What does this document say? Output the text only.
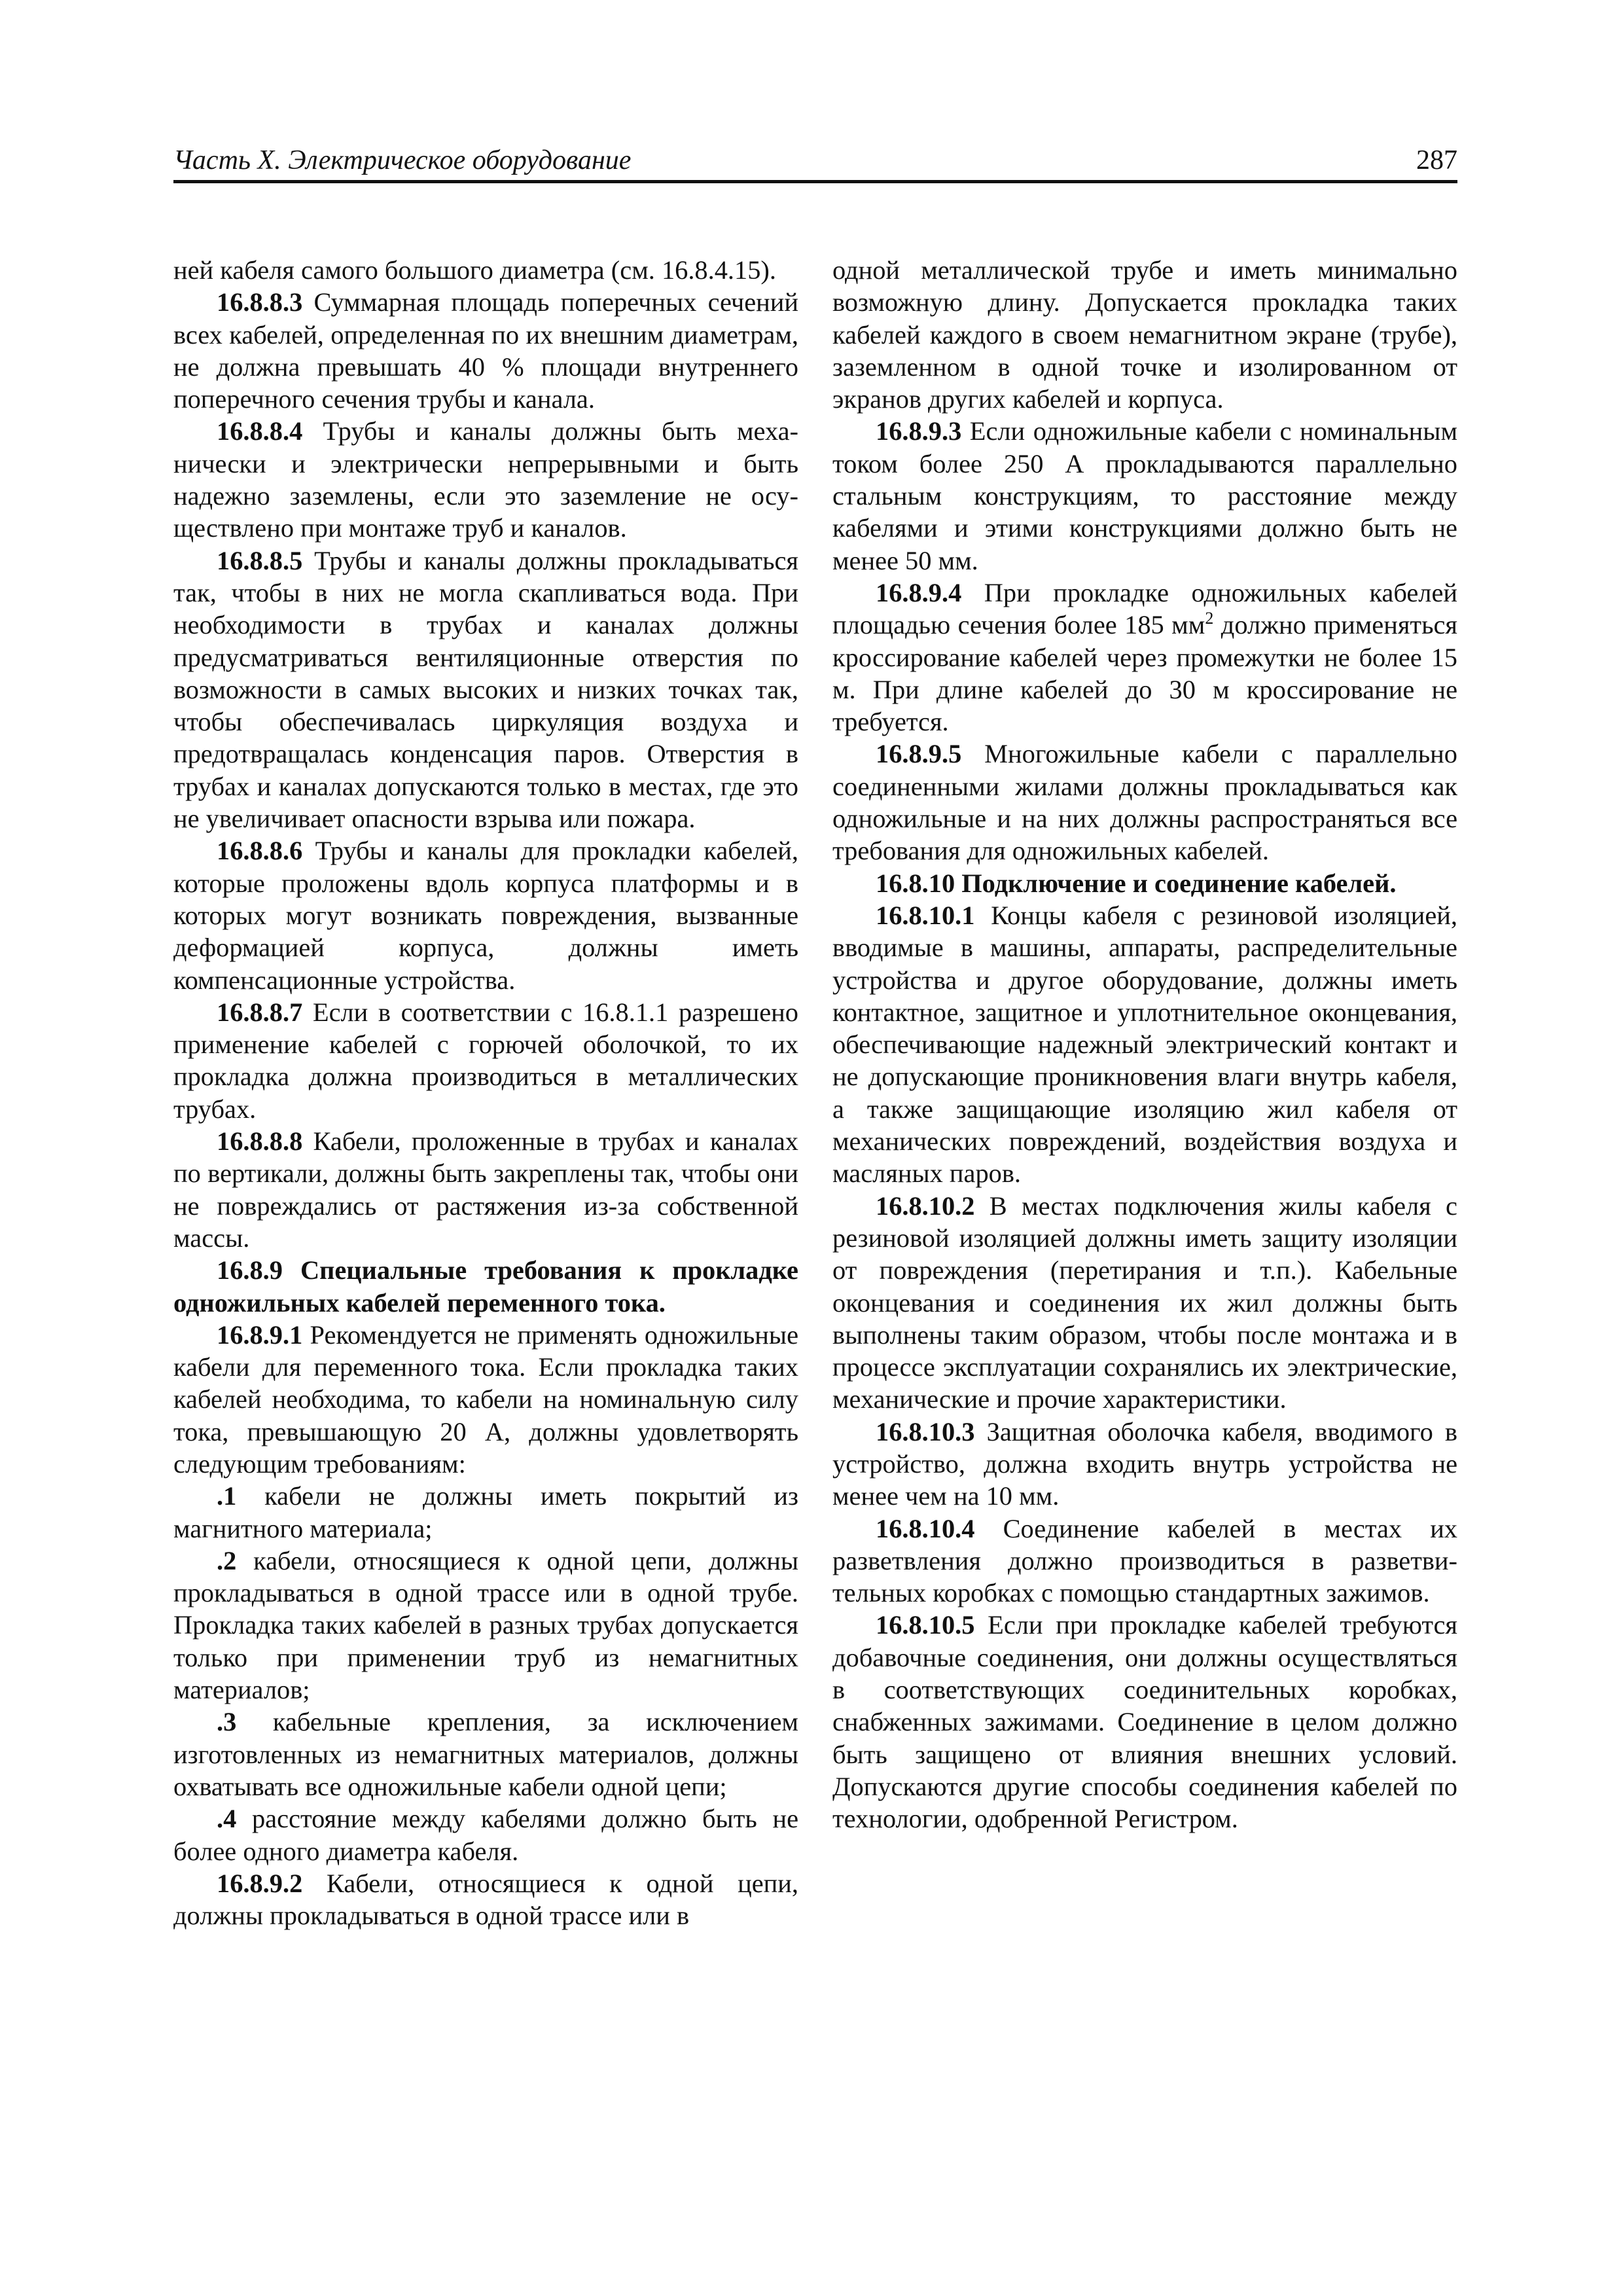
Часть X. Электрическое оборудование	287

ней кабеля самого большого диаметра (см. 16.8.4.15).

16.8.8.3 Суммарная площадь поперечных сечений всех кабелей, определенная по их внешним диаметрам, не должна превышать 40 % площади внутреннего поперечного сечения трубы и канала.

16.8.8.4 Трубы и каналы должны быть механически и электрически непрерывными и быть надежно заземлены, если это заземление не осуществлено при монтаже труб и каналов.

16.8.8.5 Трубы и каналы должны прокладываться так, чтобы в них не могла скапливаться вода. При необходимости в трубах и каналах должны предусматриваться вентиляционные отверстия по возможности в самых высоких и низких точках так, чтобы обеспечивалась циркуляция воздуха и предотвращалась конденсация паров. Отверстия в трубах и каналах допускаются только в местах, где это не увеличивает опасности взрыва или пожара.

16.8.8.6 Трубы и каналы для прокладки кабелей, которые проложены вдоль корпуса платформы и в которых могут возникать повреждения, вызванные деформацией корпуса, должны иметь компенсационные устройства.

16.8.8.7 Если в соответствии с 16.8.1.1 разрешено применение кабелей с горючей оболочкой, то их прокладка должна производиться в металлических трубах.

16.8.8.8 Кабели, проложенные в трубах и каналах по вертикали, должны быть закреплены так, чтобы они не повреждались от растяжения из-за собственной массы.

16.8.9 Специальные требования к прокладке одножильных кабелей переменного тока.

16.8.9.1 Рекомендуется не применять одножильные кабели для переменного тока. Если прокладка таких кабелей необходима, то кабели на номинальную силу тока, превышающую 20 А, должны удовлетворять следующим требованиям:

.1 кабели не должны иметь покрытий из магнитного материала;

.2 кабели, относящиеся к одной цепи, должны прокладываться в одной трассе или в одной трубе. Прокладка таких кабелей в разных трубах допускается только при применении труб из немагнитных материалов;

.3 кабельные крепления, за исключением изготовленных из немагнитных материалов, должны охватывать все одножильные кабели одной цепи;

.4 расстояние между кабелями должно быть не более одного диаметра кабеля.

16.8.9.2 Кабели, относящиеся к одной цепи, должны прокладываться в одной трассе или в

одной металлической трубе и иметь минимально возможную длину. Допускается прокладка таких кабелей каждого в своем немагнитном экране (трубе), заземленном в одной точке и изолированном от экранов других кабелей и корпуса.

16.8.9.3 Если одножильные кабели с номинальным током более 250 А прокладываются параллельно стальным конструкциям, то расстояние между кабелями и этими конструкциями должно быть не менее 50 мм.

16.8.9.4 При прокладке одножильных кабелей площадью сечения более 185 $мм^2$ должно применяться кроссирование кабелей через промежутки не более 15 м. При длине кабелей до 30 м кроссирование не требуется.

16.8.9.5 Многожильные кабели с параллельно соединенными жилами должны прокладываться как одножильные и на них должны распространяться все требования для одножильных кабелей.

16.8.10 Подключение и соединение кабелей.

16.8.10.1 Концы кабеля с резиновой изоляцией, вводимые в машины, аппараты, распределительные устройства и другое оборудование, должны иметь контактное, защитное и уплотнительное оконцевания, обеспечивающие надежный электрический контакт и не допускающие проникновения влаги внутрь кабеля, а также защищающие изоляцию жил кабеля от механических повреждений, воздействия воздуха и масляных паров.

16.8.10.2 В местах подключения жилы кабеля с резиновой изоляцией должны иметь защиту изоляции от повреждения (перетирания и т.п.). Кабельные оконцевания и соединения их жил должны быть выполнены таким образом, чтобы после монтажа и в процессе эксплуатации сохранялись их электрические, механические и прочие характеристики.

16.8.10.3 Защитная оболочка кабеля, вводимого в устройство, должна входить внутрь устройства не менее чем на 10 мм.

16.8.10.4 Соединение кабелей в местах их разветвления должно производиться в разветвительных коробках с помощью стандартных зажимов.

16.8.10.5 Если при прокладке кабелей требуются добавочные соединения, они должны осуществляться в соответствующих соединительных коробках, снабженных зажимами. Соединение в целом должно быть защищено от влияния внешних условий. Допускаются другие способы соединения кабелей по технологии, одобренной Регистром.
